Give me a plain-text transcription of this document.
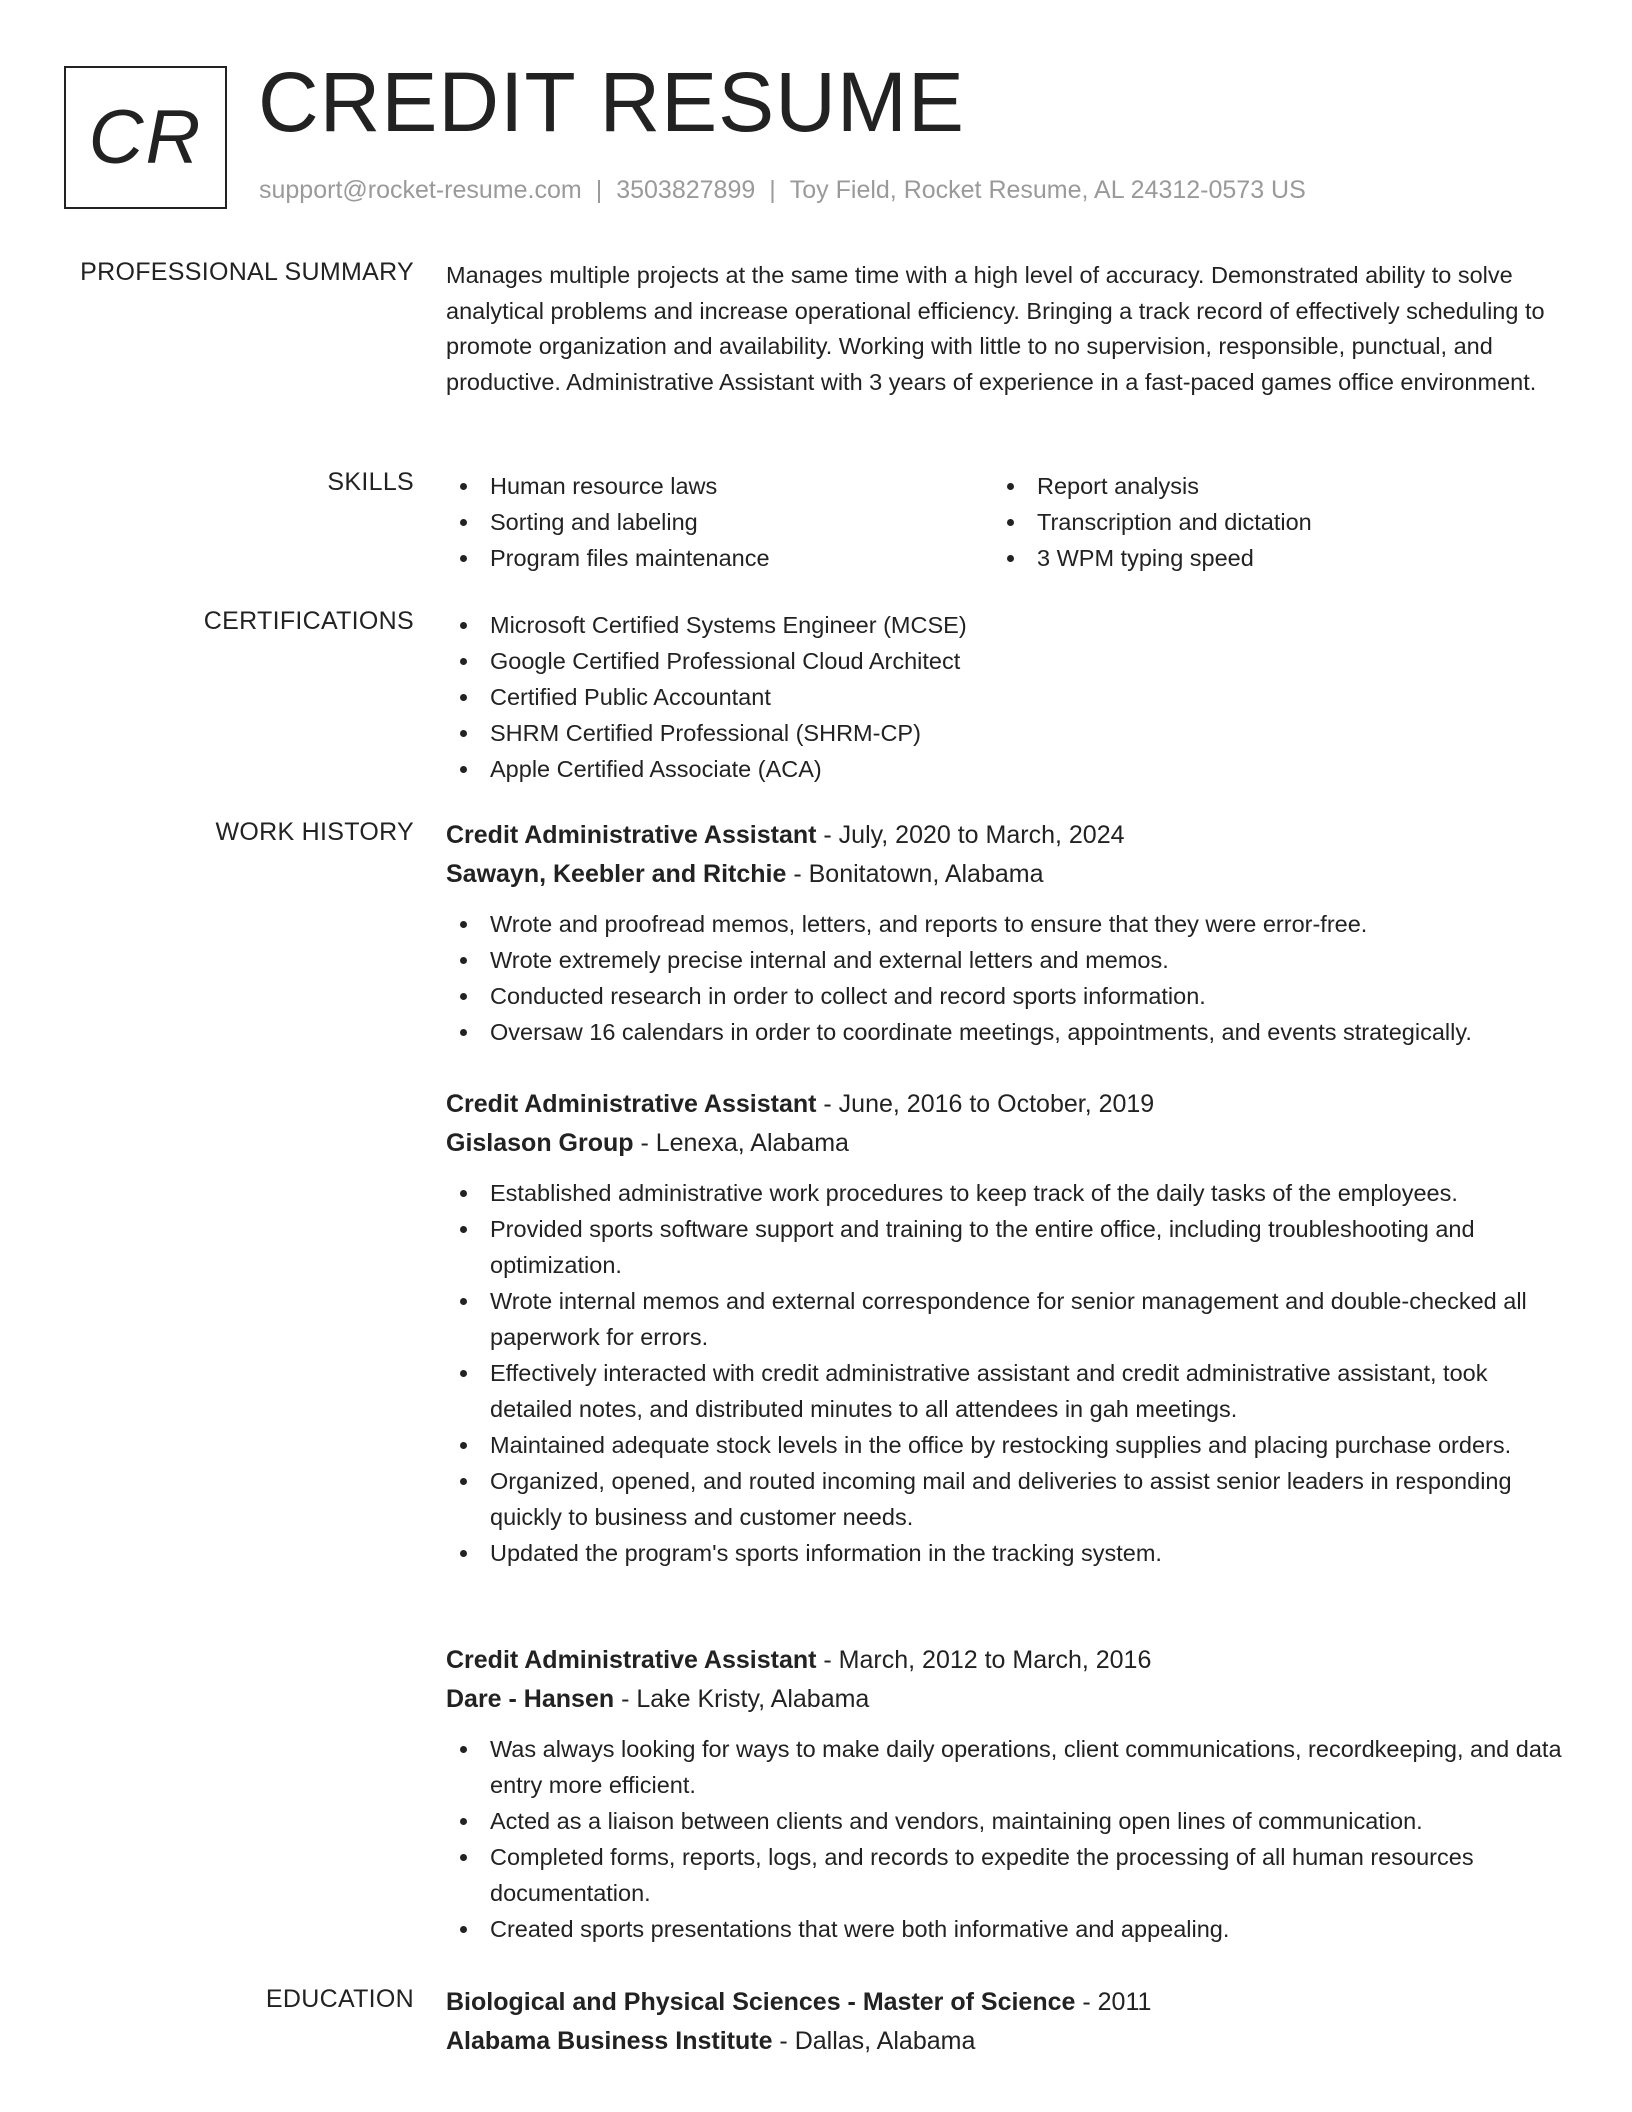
CR CREDIT RESUME
support@rocket-resume.com | 3503827899 | Toy Field, Rocket Resume, AL 24312-0573 US
PROFESSIONAL SUMMARY Manages multiple projects at the same time with a high level of accuracy. Demonstrated ability to solve analytical problems and increase operational efficiency. Bringing a track record of effectively scheduling to promote organization and availability. Working with little to no supervision, responsible, punctual, and productive. Administrative Assistant with 3 years of experience in a fast-paced games office environment.
SKILLS	Human resource laws
Sorting and labeling
Program files maintenance
Report analysis
Transcription and dictation
3 WPM typing speed
CERTIFICATIONS	Microsoft Certified Systems Engineer (MCSE)
Google Certified Professional Cloud Architect
Certified Public Accountant
SHRM Certified Professional (SHRM-CP)
Apple Certified Associate (ACA)
WORK HISTORY Credit Administrative Assistant - July, 2020 to March, 2024
Sawayn, Keebler and Ritchie - Bonitatown, Alabama
Wrote and proofread memos, letters, and reports to ensure that they were error-free.
Wrote extremely precise internal and external letters and memos.
Conducted research in order to collect and record sports information.
Oversaw 16 calendars in order to coordinate meetings, appointments, and events strategically.
Credit Administrative Assistant - June, 2016 to October, 2019
Gislason Group - Lenexa, Alabama
Established administrative work procedures to keep track of the daily tasks of the employees.
Provided sports software support and training to the entire office, including troubleshooting and optimization.
Wrote internal memos and external correspondence for senior management and double-checked all paperwork for errors.
Effectively interacted with credit administrative assistant and credit administrative assistant, took detailed notes, and distributed minutes to all attendees in gah meetings.
Maintained adequate stock levels in the office by restocking supplies and placing purchase orders.
Organized, opened, and routed incoming mail and deliveries to assist senior leaders in responding quickly to business and customer needs.
Updated the program's sports information in the tracking system.
Credit Administrative Assistant - March, 2012 to March, 2016
Dare - Hansen - Lake Kristy, Alabama
Was always looking for ways to make daily operations, client communications, recordkeeping, and data entry more efficient.
Acted as a liaison between clients and vendors, maintaining open lines of communication.
Completed forms, reports, logs, and records to expedite the processing of all human resources documentation.
Created sports presentations that were both informative and appealing.
EDUCATION Biological and Physical Sciences - Master of Science - 2011
Alabama Business Institute - Dallas, Alabama
